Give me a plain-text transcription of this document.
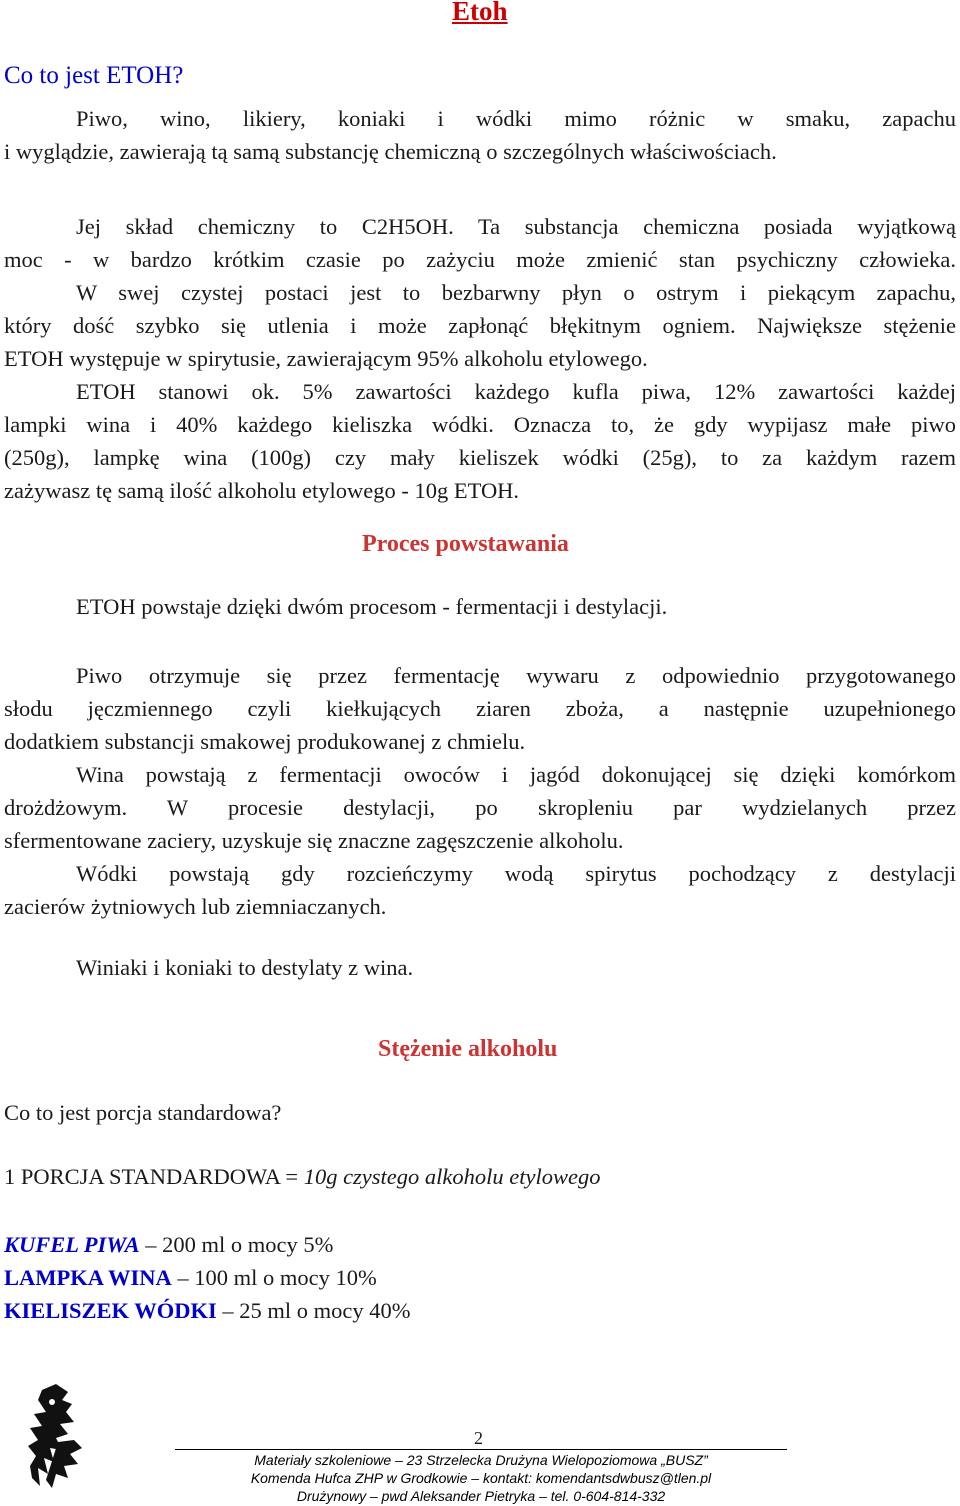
Etoh
Co to jest ETOH?
Piwo, wino, likiery, koniaki i wódki mimo różnic w smaku, zapachu
i wyglądzie, zawierają tą samą substancję chemiczną o szczególnych właściwościach.
Jej skład chemiczny to C2H5OH. Ta substancja chemiczna posiada wyjątkową
moc - w bardzo krótkim czasie po zażyciu może zmienić stan psychiczny człowieka.
W swej czystej postaci jest to bezbarwny płyn o ostrym i piekącym zapachu,
który dość szybko się utlenia i może zapłonąć błękitnym ogniem. Największe stężenie
ETOH występuje w spirytusie, zawierającym 95% alkoholu etylowego.
ETOH stanowi ok. 5% zawartości każdego kufla piwa, 12% zawartości każdej
lampki wina i 40% każdego kieliszka wódki. Oznacza to, że gdy wypijasz małe piwo
(250g), lampkę wina (100g) czy mały kieliszek wódki (25g), to za każdym razem
zażywasz tę samą ilość alkoholu etylowego - 10g ETOH.
Proces powstawania
ETOH powstaje dzięki dwóm procesom - fermentacji i destylacji.
Piwo otrzymuje się przez fermentację wywaru z odpowiednio przygotowanego
słodu jęczmiennego czyli kiełkujących ziaren zboża, a następnie uzupełnionego
dodatkiem substancji smakowej produkowanej z chmielu.
Wina powstają z fermentacji owoców i jagód dokonującej się dzięki komórkom
drożdżowym. W procesie destylacji, po skropleniu par wydzielanych przez
sfermentowane zaciery, uzyskuje się znaczne zagęszczenie alkoholu.
Wódki powstają gdy rozcieńczymy wodą spirytus pochodzący z destylacji
zacierów żytniowych lub ziemniaczanych.
Winiaki i koniaki to destylaty z wina.
Stężenie alkoholu
Co to jest porcja standardowa?
1 PORCJA STANDARDOWA = 10g czystego alkoholu etylowego
KUFEL PIWA – 200 ml o mocy 5%
LAMPKA WINA – 100 ml o mocy 10%
KIELISZEK WÓDKI – 25 ml o mocy 40%
2
Materiały szkoleniowe – 23 Strzelecka Drużyna Wielopoziomowa „BUSZ”
Komenda Hufca ZHP w Grodkowie – kontakt: komendantsdwbusz@tlen.pl
Drużynowy – pwd Aleksander Pietryka – tel. 0-604-814-332
